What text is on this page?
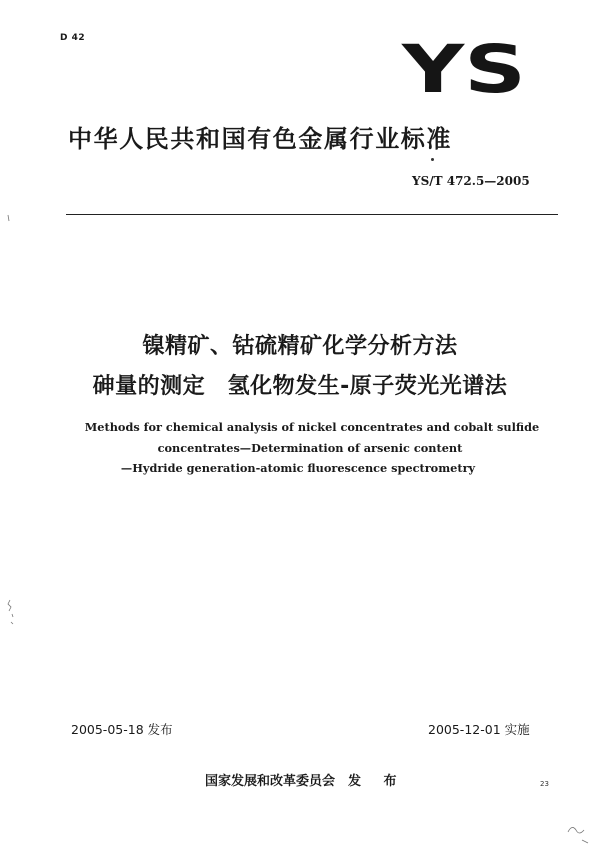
D 42	YS
中华人民共和国有色金属行业标准
YS/T 472.5—2005
镍精矿、钴硫精矿化学分析方法
砷量的测定　氢化物发生-原子荧光光谱法
Methods for chemical analysis of nickel concentrates and cobalt sulfide
concentrates—Determination of arsenic content
—Hydride generation-atomic fluorescence spectrometry
2005-05-18 发布	2005-12-01 实施
国家发展和改革委员会　发 布	23
